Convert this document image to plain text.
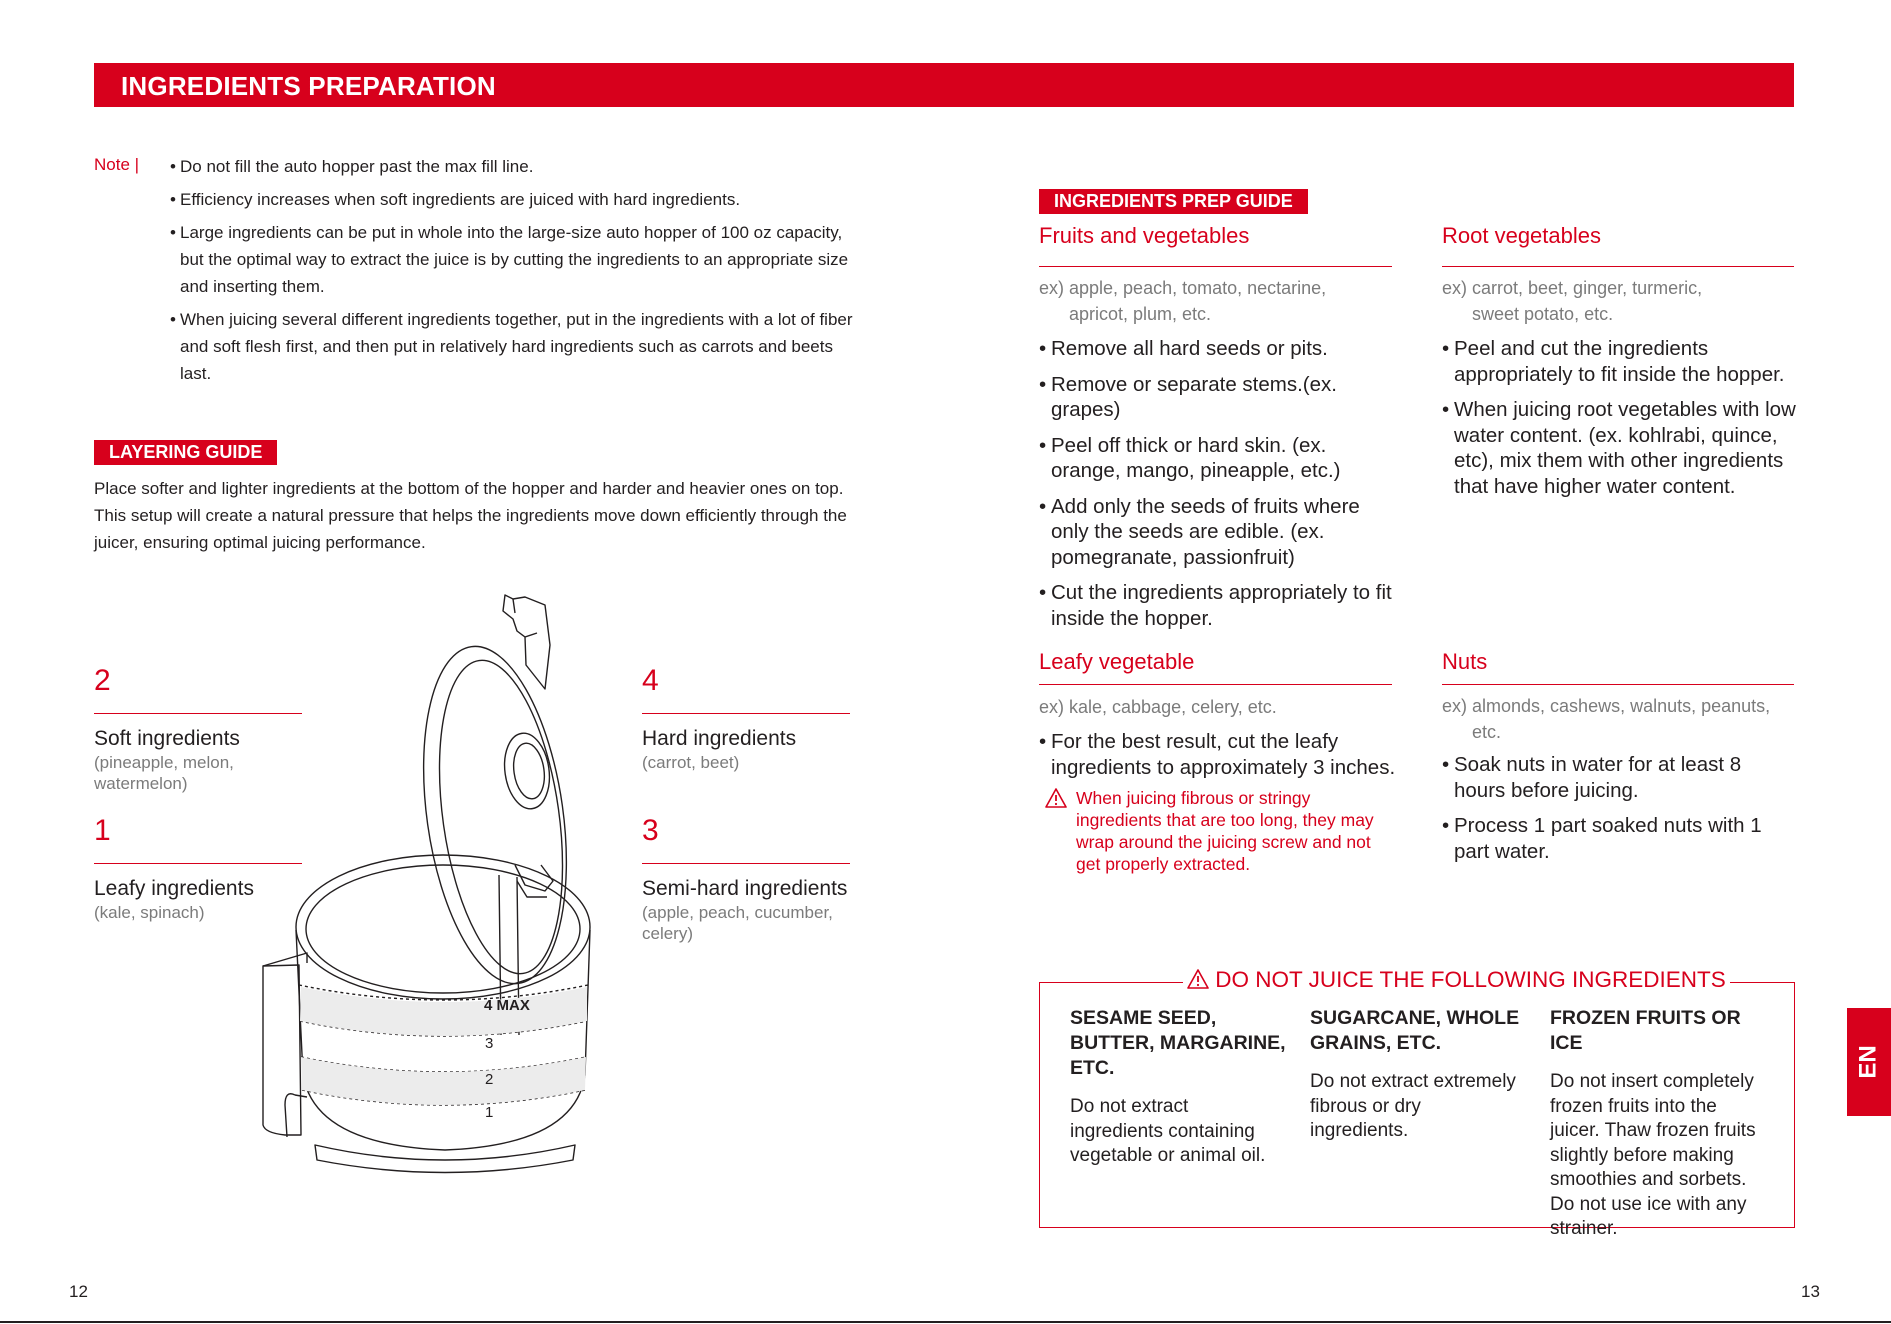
INGREDIENTS PREPARATION
Note |
•	Do not fill the auto hopper past the max fill line.
• Efficiency increases when soft ingredients are juiced with hard ingredients.
• Large ingredients can be put in whole into the large-size auto hopper of 100 oz capacity, but the optimal way to extract the juice is by cutting the ingredients to an appropriate size and inserting them.
• When juicing several different ingredients together, put in the ingredients with a lot of fiber and soft flesh first, and then put in relatively hard ingredients such as carrots and beets last.
LAYERING GUIDE
Place softer and lighter ingredients at the bottom of the hopper and harder and heavier ones on top. This setup will create a natural pressure that helps the ingredients move down efficiently through the juicer, ensuring optimal juicing performance.
2
Soft ingredients
(pineapple, melon, watermelon)
1
Leafy ingredients
(kale, spinach)
4
Hard ingredients
(carrot, beet)
3
Semi-hard ingredients
(apple, peach, cucumber, celery)
4 MAX
3
2
1
INGREDIENTS PREP GUIDE
Fruits and vegetables
ex) apple, peach, tomato, nectarine,
apricot, plum, etc.
• Remove all hard seeds or pits.
• Remove or separate stems.(ex. grapes)
• Peel off thick or hard skin. (ex. orange, mango, pineapple, etc.)
• Add only the seeds of fruits where only the seeds are edible. (ex. pomegranate, passionfruit)
• Cut the ingredients appropriately to fit inside the hopper.
Root vegetables
ex) carrot, beet, ginger, turmeric,
sweet potato, etc.
• Peel and cut the ingredients appropriately to fit inside the hopper.
• When juicing root vegetables with low water content. (ex. kohlrabi, quince, etc), mix them with other ingredients that have higher water content.
Leafy vegetable
ex) kale, cabbage, celery, etc.
• For the best result, cut the leafy ingredients to approximately 3 inches.
When juicing fibrous or stringy ingredients that are too long, they may wrap around the juicing screw and not get properly extracted.
Nuts
ex) almonds, cashews, walnuts, peanuts,
etc.
• Soak nuts in water for at least 8 hours before juicing.
• Process 1 part soaked nuts with 1 part water.
DO NOT JUICE THE FOLLOWING INGREDIENTS
SESAME SEED, BUTTER, MARGARINE, ETC.
Do not extract ingredients containing vegetable or animal oil.
SUGARCANE, WHOLE GRAINS, ETC.
Do not extract extremely fibrous or dry ingredients.
FROZEN FRUITS OR ICE
Do not insert completely frozen fruits into the juicer. Thaw frozen fruits slightly before making smoothies and sorbets. Do not use ice with any strainer.
EN
12	13
